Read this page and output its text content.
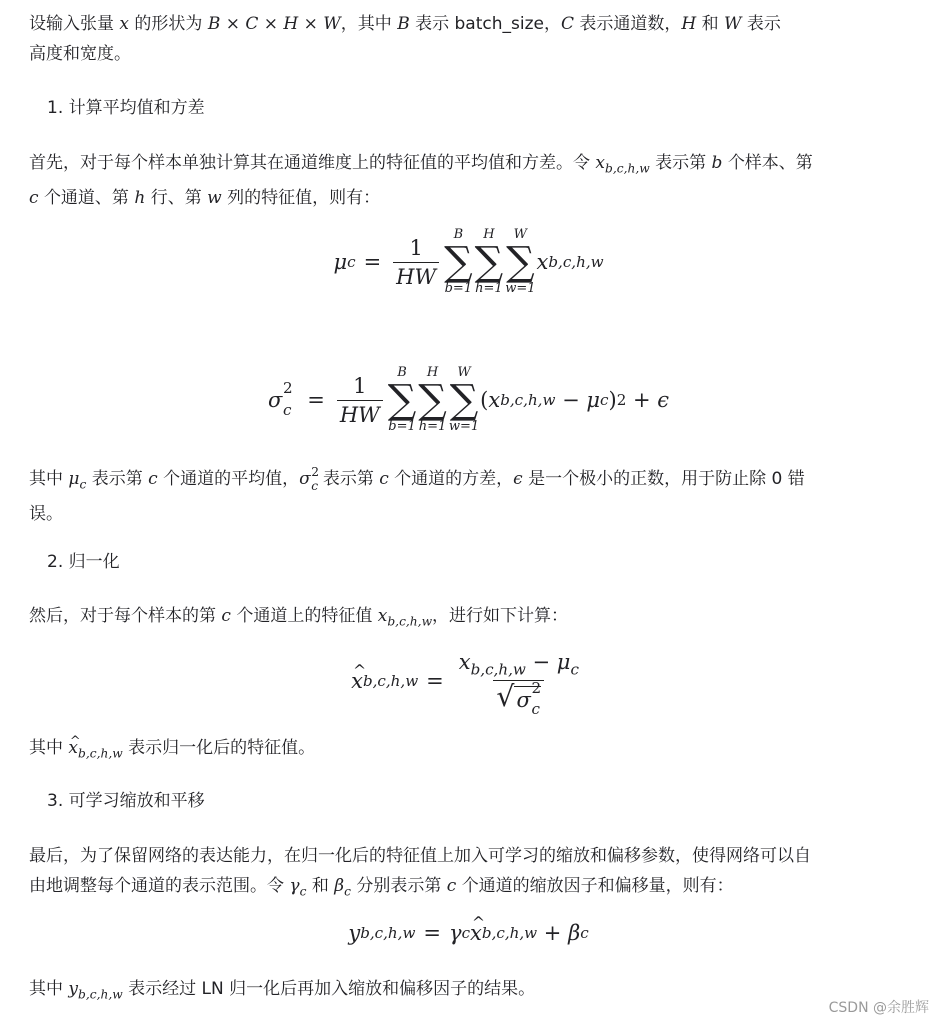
设输入张量 x 的形状为 B × C × H × W，其中 B 表示 batch_size，C 表示通道数，H 和 W 表示
高度和宽度。

1. 计算平均值和方差

首先，对于每个样本单独计算其在通道维度上的特征值的平均值和方差。令 $x_{b,c,h,w}$ 表示第 b 个样本、第
c 个通道、第 h 行、第 w 列的特征值，则有：

μ $c = \frac{1}{HW}$
B
∑
b=1
H
∑
h=1
W
∑
w=1
x b,c,h,w
σ
2
$c = \frac{1}{HW}$
B
∑
b=1
H
∑
h=1
W
∑
w=1
( x b,c,h,w − μ c ) 2 + ϵ

其中 $\mu_c$ 表示第 c 个通道的平均值，σ 2
c 表示第 c 个通道的方差，ϵ 是一个极小的正数，用于防止除 0 错
误。

2. 归一化

然后，对于每个样本的第 c 个通道上的特征值 $x_{b,c,h,w}$，进行如下计算：

^ x $b,c,h,w = x_{b,c,h,w} - \mu_c$
√ σ
2
c

其中 ^ $x_{b,c,h,w}$ 表示归一化后的特征值。

3. 可学习缩放和平移

最后，为了保留网络的表达能力，在归一化后的特征值上加入可学习的缩放和偏移参数，使得网络可以自
由地调整每个通道的表示范围。令 $\gamma_c$ 和 $\beta_c$ 分别表示第 c 个通道的缩放因子和偏移量，则有：

y b,c,h,w = γ c ^ x b,c,h,w + β c

其中 $y_{b,c,h,w}$ 表示经过 LN 归一化后再加入缩放和偏移因子的结果。

CSDN @余胜辉
